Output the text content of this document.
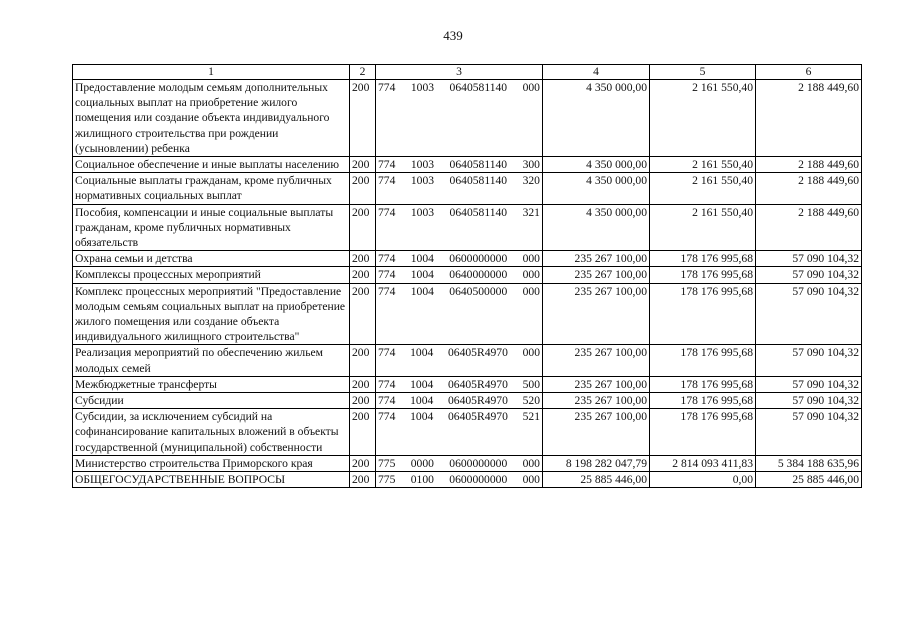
439
1	2	3	4	5	6
Предоставление молодым семьям дополнительных социальных выплат на приобретение жилого помещения или создание объекта индивидуального жилищного строительства при рождении (усыновлении) ребенка	200	774 1003 0640581140 000	4 350 000,00	2 161 550,40	2 188 449,60
Социальное обеспечение и иные выплаты населению	200	774 1003 0640581140 300	4 350 000,00	2 161 550,40	2 188 449,60
Социальные выплаты гражданам, кроме публичных нормативных социальных выплат	200	774 1003 0640581140 320	4 350 000,00	2 161 550,40	2 188 449,60
Пособия, компенсации и иные социальные выплаты гражданам, кроме публичных нормативных обязательств	200	774 1003 0640581140 321	4 350 000,00	2 161 550,40	2 188 449,60
Охрана семьи и детства	200	774 1004 0600000000 000	235 267 100,00	178 176 995,68	57 090 104,32
Комплексы процессных мероприятий	200	774 1004 0640000000 000	235 267 100,00	178 176 995,68	57 090 104,32
Комплекс процессных мероприятий "Предоставление молодым семьям социальных выплат на приобретение жилого помещения или создание объекта индивидуального жилищного строительства"	200	774 1004 0640500000 000	235 267 100,00	178 176 995,68	57 090 104,32
Реализация мероприятий по обеспечению жильем молодых семей	200	774 1004 06405R4970 000	235 267 100,00	178 176 995,68	57 090 104,32
Межбюджетные трансферты	200	774 1004 06405R4970 500	235 267 100,00	178 176 995,68	57 090 104,32
Субсидии	200	774 1004 06405R4970 520	235 267 100,00	178 176 995,68	57 090 104,32
Субсидии, за исключением субсидий на софинансирование капитальных вложений в объекты государственной (муниципальной) собственности	200	774 1004 06405R4970 521	235 267 100,00	178 176 995,68	57 090 104,32
Министерство строительства Приморского края	200	775 0000 0600000000 000	8 198 282 047,79	2 814 093 411,83	5 384 188 635,96
ОБЩЕГОСУДАРСТВЕННЫЕ ВОПРОСЫ	200	775 0100 0600000000 000	25 885 446,00	0,00	25 885 446,00
